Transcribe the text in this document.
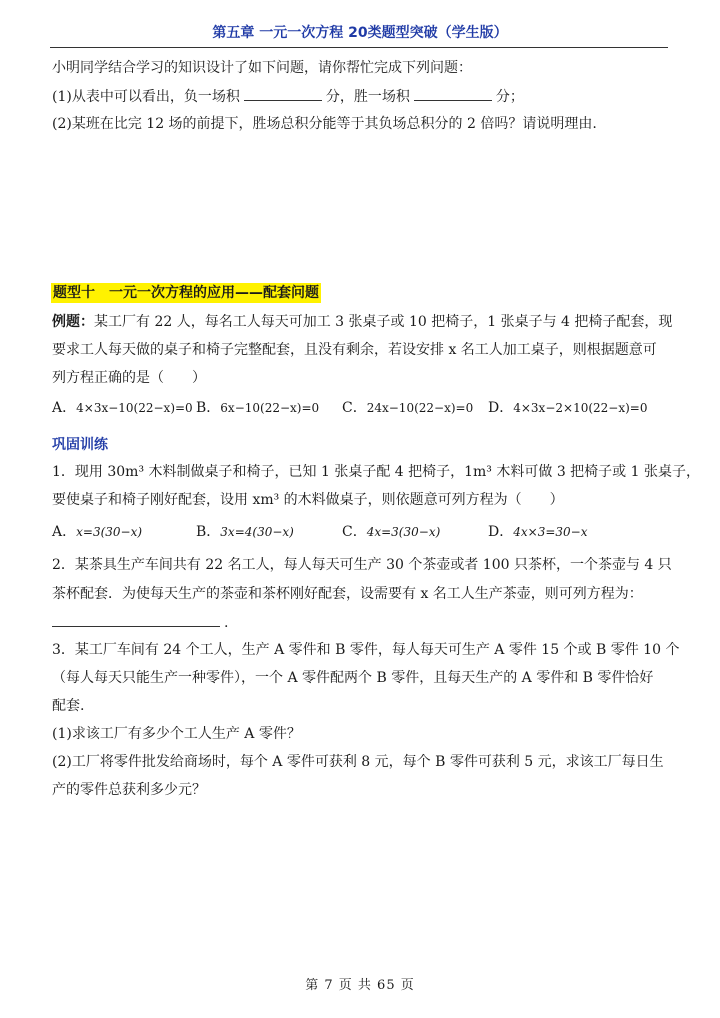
第五章 一元一次方程 20类题型突破（学生版）
小明同学结合学习的知识设计了如下问题，请你帮忙完成下列问题：
(1)从表中可以看出，负一场积	分，胜一场积	分；
(2)某班在比完 12 场的前提下，胜场总积分能等于其负场总积分的 2 倍吗？请说明理由.
题型十　一元一次方程的应用——配套问题
例题：某工厂有 22 人，每名工人每天可加工 3 张桌子或 10 把椅子，1 张桌子与 4 把椅子配套，现
要求工人每天做的桌子和椅子完整配套，且没有剩余，若设安排 x 名工人加工桌子，则根据题意可
列方程正确的是（　　）
A．4×3x−10(22−x)=0 B．6x−10(22−x)=0 C．24x−10(22−x)=0 D．4×3x−2×10(22−x)=0
巩固训练
1．现用 30m³ 木料制做桌子和椅子，已知 1 张桌子配 4 把椅子，1m³ 木料可做 3 把椅子或 1 张桌子，
要使桌子和椅子刚好配套，设用 xm³ 的木料做桌子，则依题意可列方程为（　　）
A．x=3(30−x)	B．3x=4(30−x)	C．4x=3(30−x)	D．4x×3=30−x
2．某茶具生产车间共有 22 名工人，每人每天可生产 30 个茶壶或者 100 只茶杯，一个茶壶与 4 只
茶杯配套．为使每天生产的茶壶和茶杯刚好配套，设需要有 x 名工人生产茶壶，则可列方程为：
.
3．某工厂车间有 24 个工人，生产 A 零件和 B 零件，每人每天可生产 A 零件 15 个或 B 零件 10 个
（每人每天只能生产一种零件），一个 A 零件配两个 B 零件，且每天生产的 A 零件和 B 零件恰好
配套.
(1)求该工厂有多少个工人生产 A 零件？
(2)工厂将零件批发给商场时，每个 A 零件可获利 8 元，每个 B 零件可获利 5 元，求该工厂每日生
产的零件总获利多少元？
第 7 页 共 65 页
